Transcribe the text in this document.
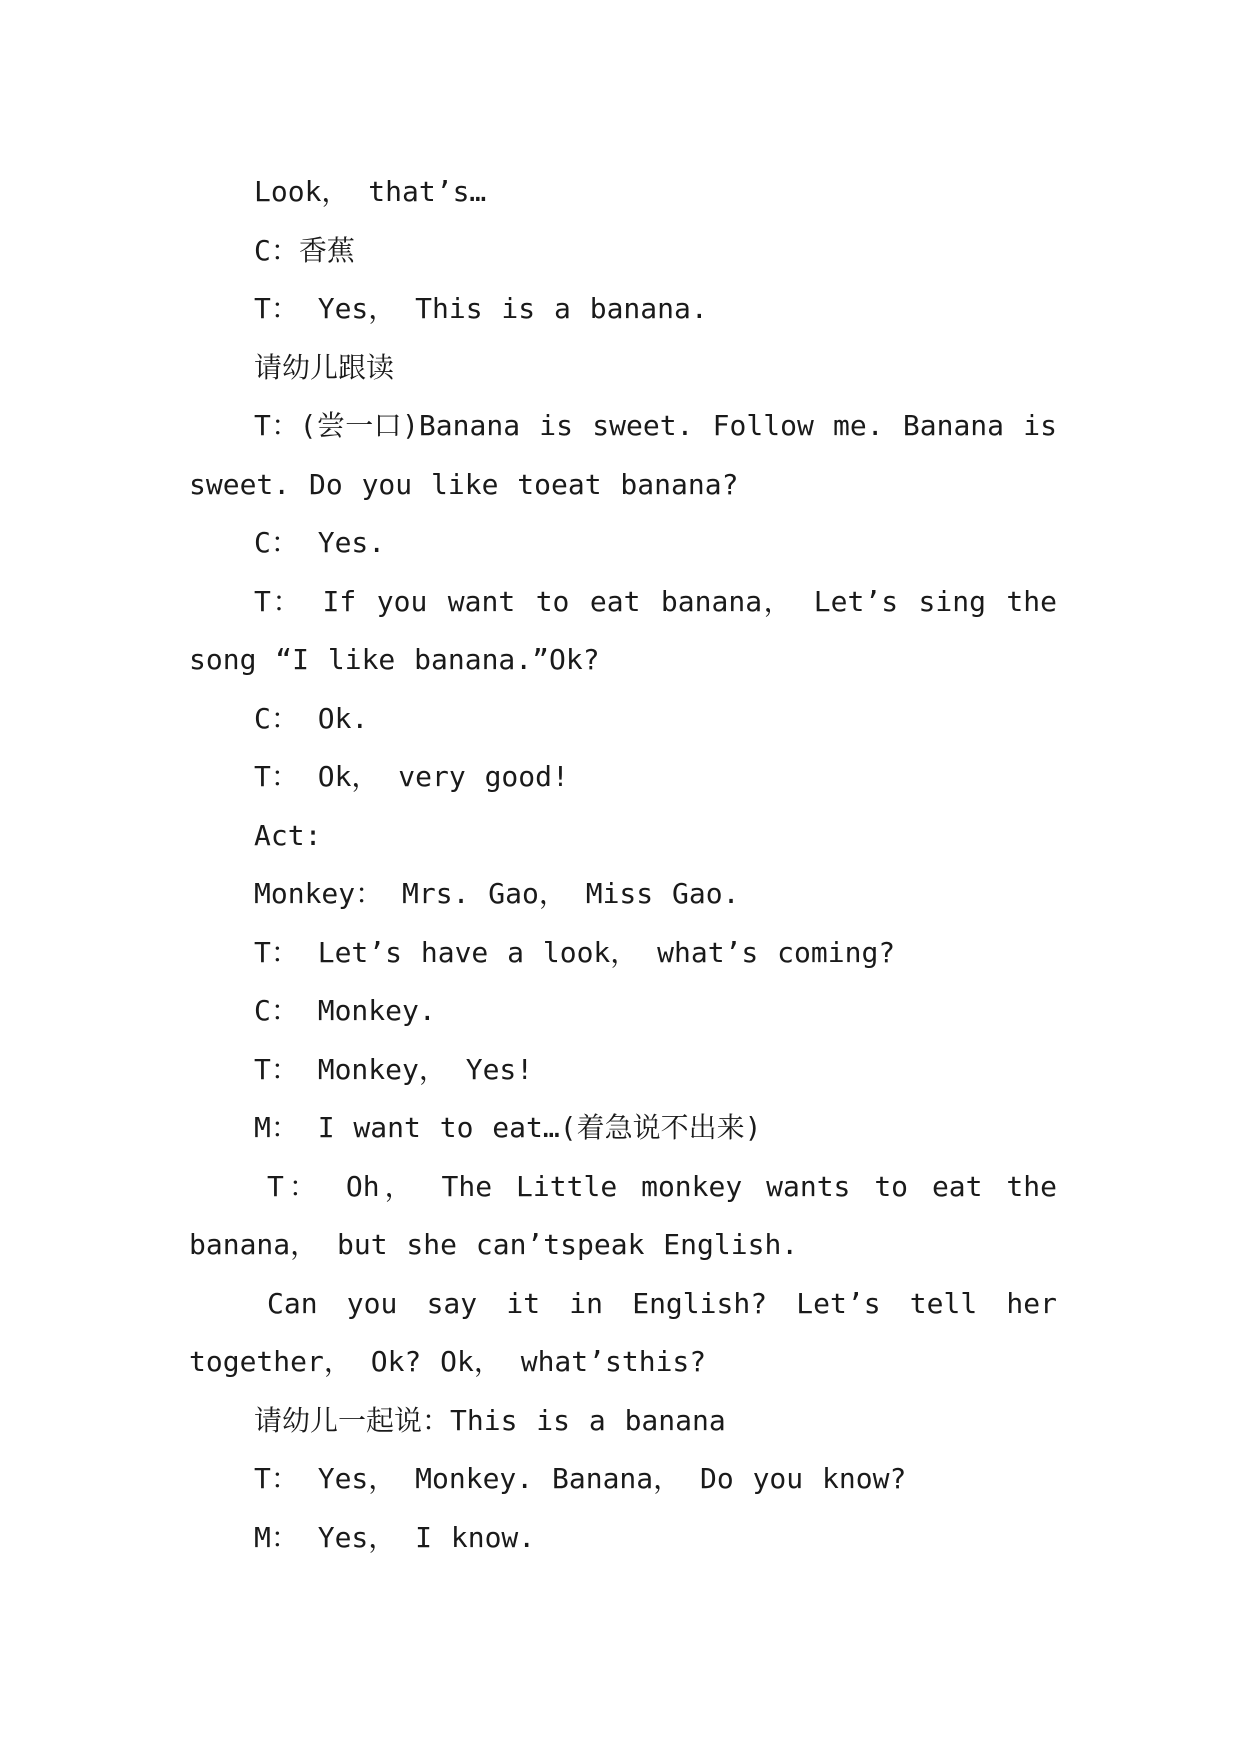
Look， that’s…

C：香蕉

T： Yes， This is a banana.

请幼儿跟读

T：(尝一口)Banana is sweet. Follow me. Banana is sweet. Do you like toeat banana?

C： Yes.

T： If you want to eat banana， Let’s sing the song “I like banana.”Ok?

C： Ok.

T： Ok， very good!

Act:

Monkey： Mrs. Gao， Miss Gao.

T： Let’s have a look， what’s coming?

C： Monkey.

T： Monkey， Yes!

M： I want to eat…(着急说不出来)

T： Oh， The Little monkey wants to eat the banana， but she can’tspeak English.

Can you say it in English? Let’s tell her together， Ok? Ok， what’sthis?

请幼儿一起说：This is a banana

T： Yes， Monkey. Banana， Do you know?

M： Yes， I know.
